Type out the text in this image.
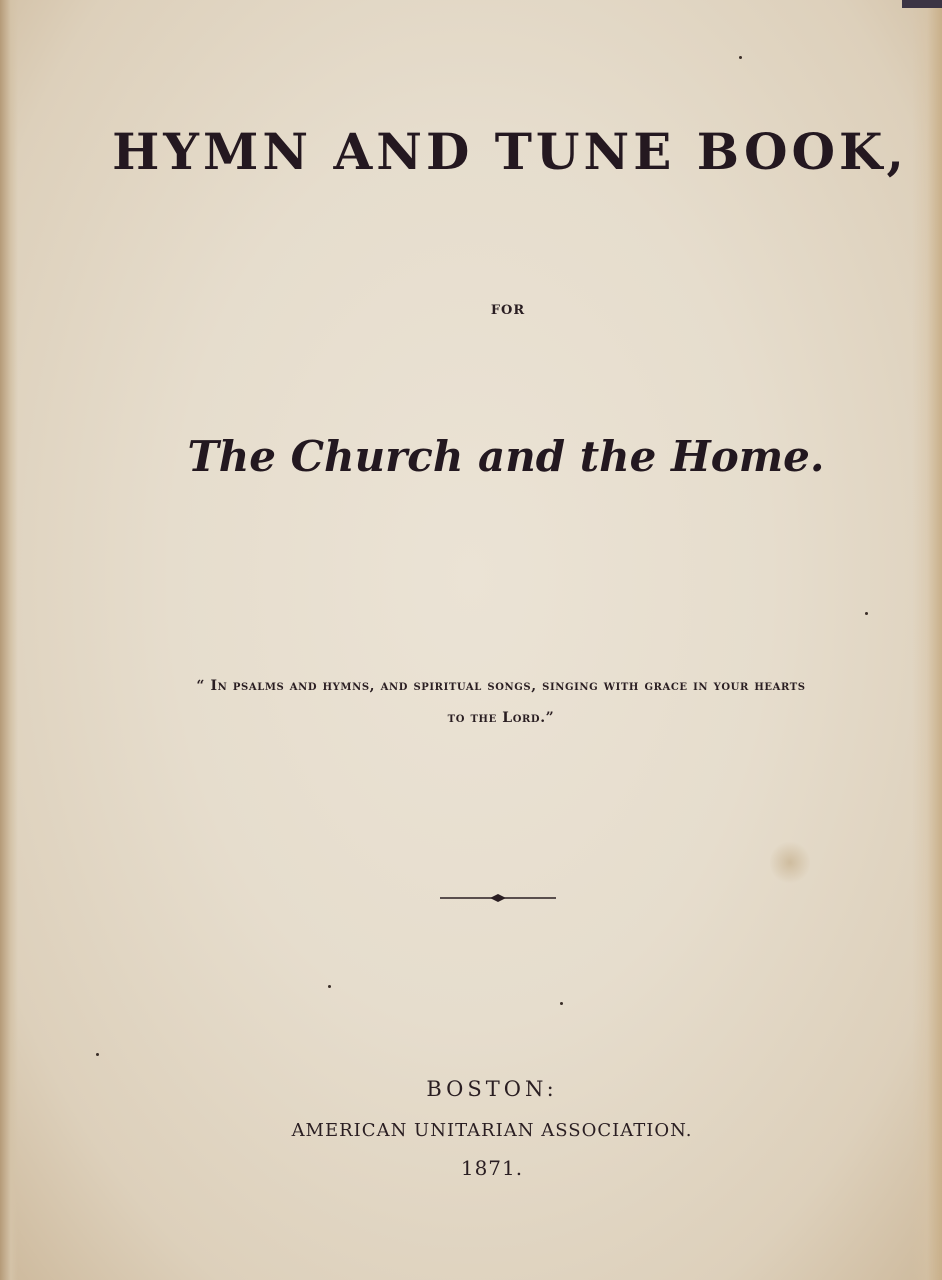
HYMN AND TUNE BOOK,
FOR
The Church and the Home.
“ In psalms and hymns, and spiritual songs, singing with grace in your hearts
to the Lord.”
BOSTON:
AMERICAN UNITARIAN ASSOCIATION.
1871.
